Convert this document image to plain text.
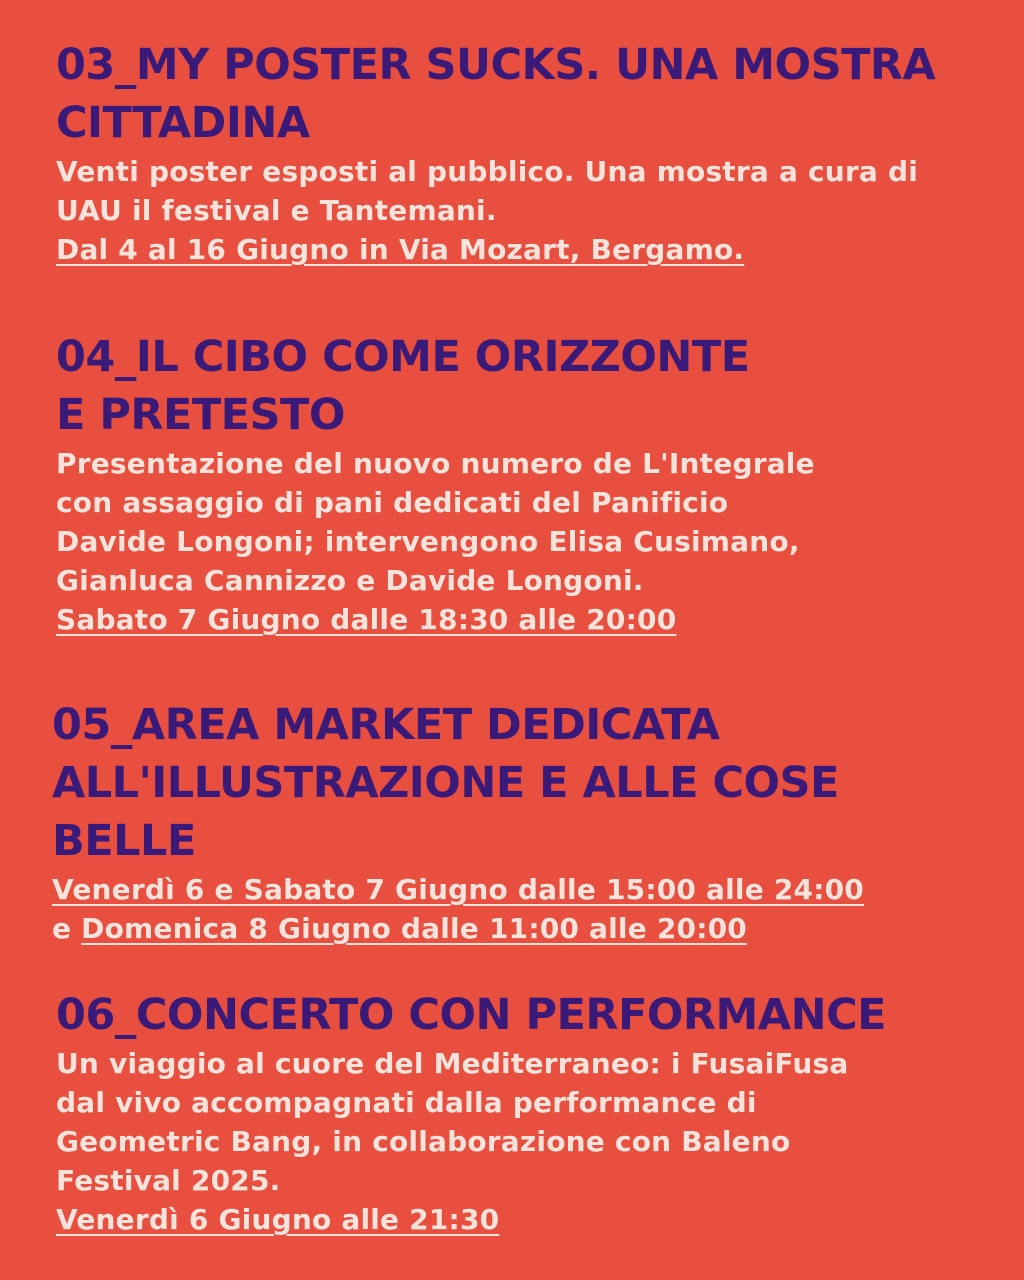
03_MY POSTER SUCKS. UNA MOSTRA
CITTADINA

Venti poster esposti al pubblico. Una mostra a cura di
UAU il festival e Tantemani.

Dal 4 al 16 Giugno in Via Mozart, Bergamo.

04_IL CIBO COME ORIZZONTE
E PRETESTO

Presentazione del nuovo numero de L'Integrale
con assaggio di pani dedicati del Panificio
Davide Longoni; intervengono Elisa Cusimano,
Gianluca Cannizzo e Davide Longoni.

Sabato 7 Giugno dalle 18:30 alle 20:00

05_AREA MARKET DEDICATA
ALL'ILLUSTRAZIONE E ALLE COSE
BELLE

Venerdì 6 e Sabato 7 Giugno dalle 15:00 alle 24:00
e Domenica 8 Giugno dalle 11:00 alle 20:00

06_CONCERTO CON PERFORMANCE

Un viaggio al cuore del Mediterraneo: i FusaiFusa
dal vivo accompagnati dalla performance di
Geometric Bang, in collaborazione con Baleno
Festival 2025.

Venerdì 6 Giugno alle 21:30
